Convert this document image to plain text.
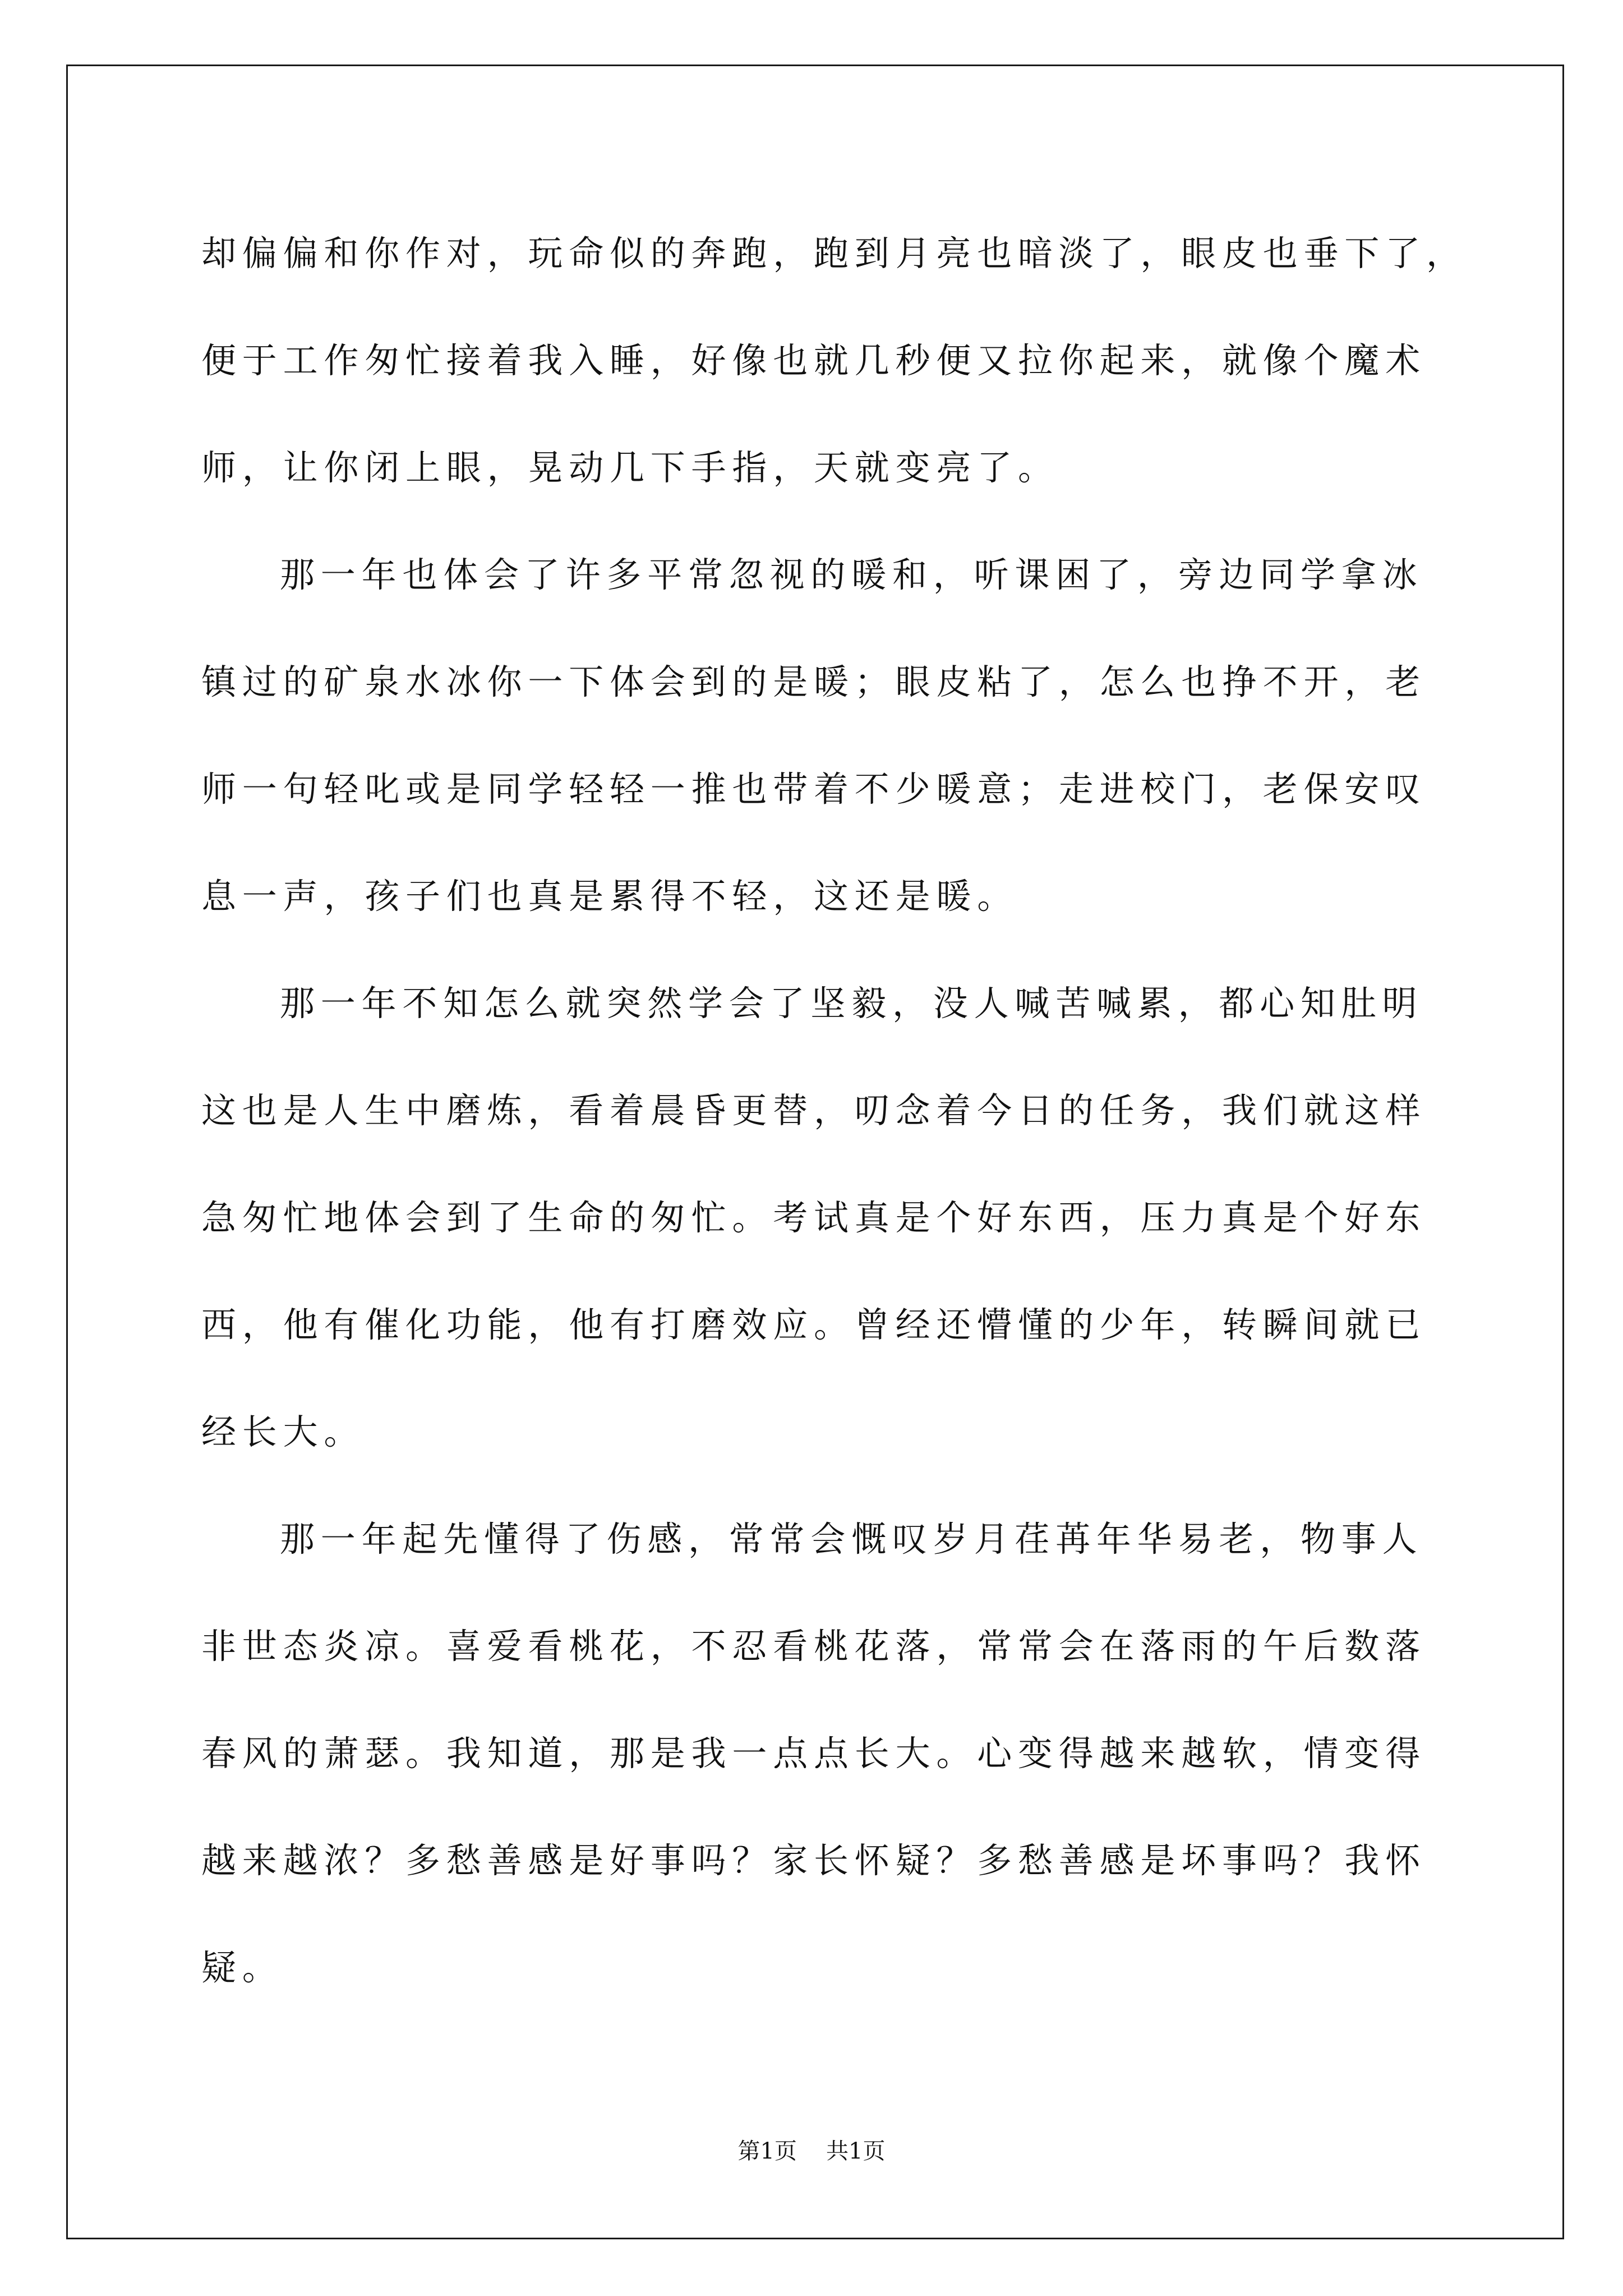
却偏偏和你作对，玩命似的奔跑，跑到月亮也暗淡了，眼皮也垂下了，
便于工作匆忙接着我入睡，好像也就几秒便又拉你起来，就像个魔术
师，让你闭上眼，晃动几下手指，天就变亮了。
那一年也体会了许多平常忽视的暖和，听课困了，旁边同学拿冰
镇过的矿泉水冰你一下体会到的是暖；眼皮粘了，怎么也挣不开，老
师一句轻叱或是同学轻轻一推也带着不少暖意；走进校门，老保安叹
息一声，孩子们也真是累得不轻，这还是暖。
那一年不知怎么就突然学会了坚毅，没人喊苦喊累，都心知肚明
这也是人生中磨炼，看着晨昏更替，叨念着今日的任务，我们就这样
急匆忙地体会到了生命的匆忙。考试真是个好东西，压力真是个好东
西，他有催化功能，他有打磨效应。曾经还懵懂的少年，转瞬间就已
经长大。
那一年起先懂得了伤感，常常会慨叹岁月荏苒年华易老，物事人
非世态炎凉。喜爱看桃花，不忍看桃花落，常常会在落雨的午后数落
春风的萧瑟。我知道，那是我一点点长大。心变得越来越软，情变得
越来越浓？多愁善感是好事吗？家长怀疑？多愁善感是坏事吗？我怀
疑。
第1页 共1页
